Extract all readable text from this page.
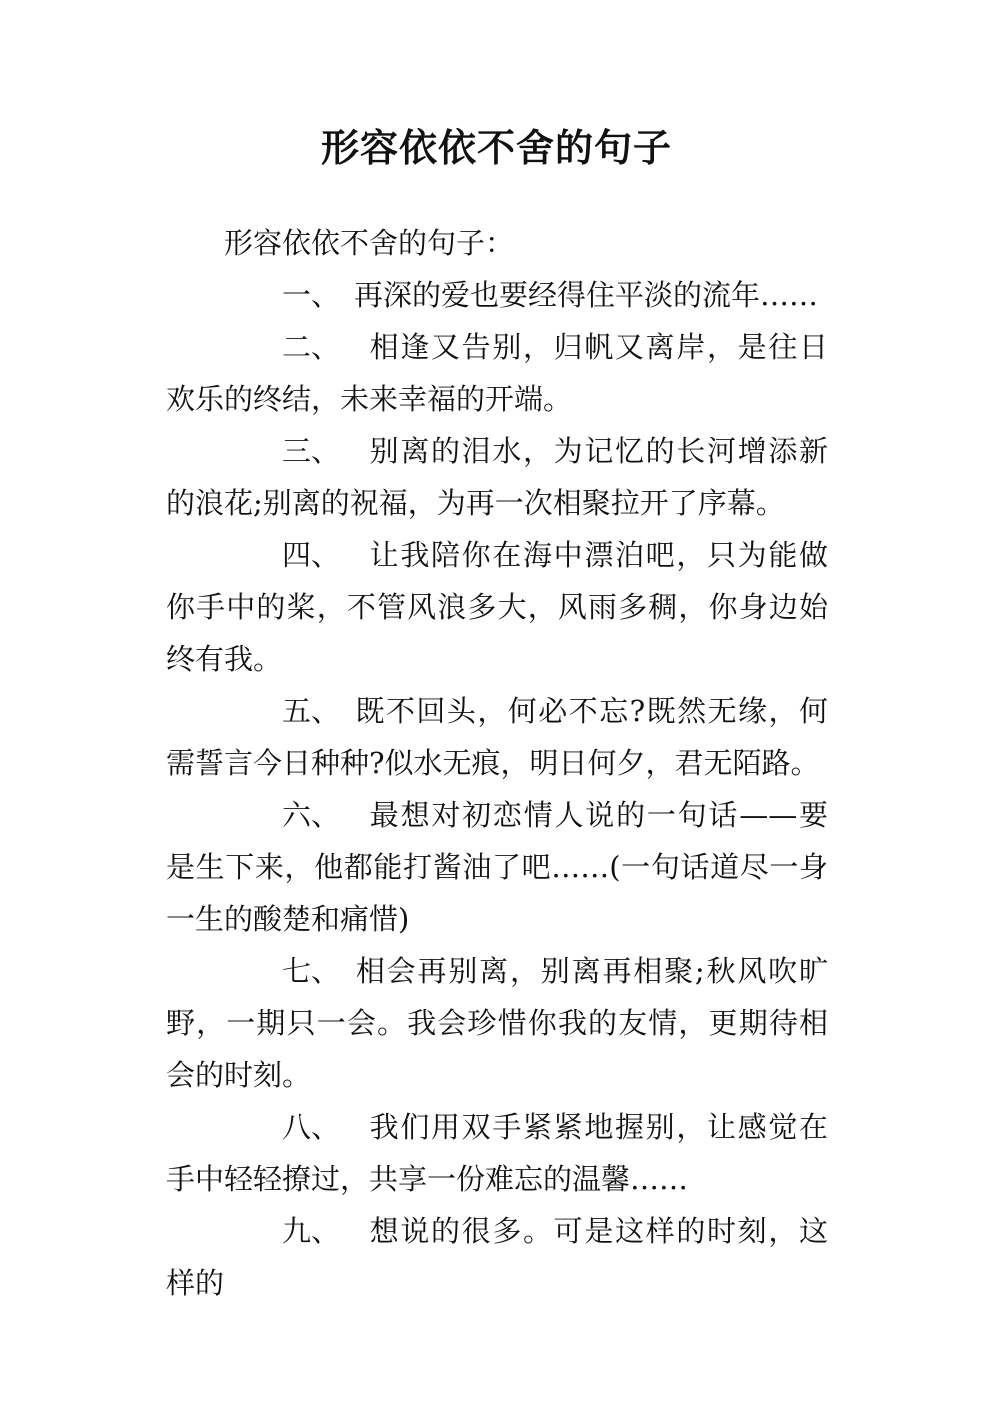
形容依依不舍的句子

形容依依不舍的句子：

一、 再深的爱也要经得住平淡的流年……

二、 相逢又告别，归帆又离岸，是往日欢乐的终结，未来幸福的开端。

三、 别离的泪水，为记忆的长河增添新的浪花;别离的祝福，为再一次相聚拉开了序幕。

四、 让我陪你在海中漂泊吧，只为能做你手中的桨，不管风浪多大，风雨多稠，你身边始终有我。

五、 既不回头，何必不忘?既然无缘，何需誓言今日种种?似水无痕，明日何夕，君无陌路。

六、 最想对初恋情人说的一句话——要是生下来，他都能打酱油了吧……(一句话道尽一身一生的酸楚和痛惜)

七、 相会再别离，别离再相聚;秋风吹旷野，一期只一会。我会珍惜你我的友情，更期待相会的时刻。

八、 我们用双手紧紧地握别，让感觉在手中轻轻撩过，共享一份难忘的温馨……

九、 想说的很多。可是这样的时刻，这样的
